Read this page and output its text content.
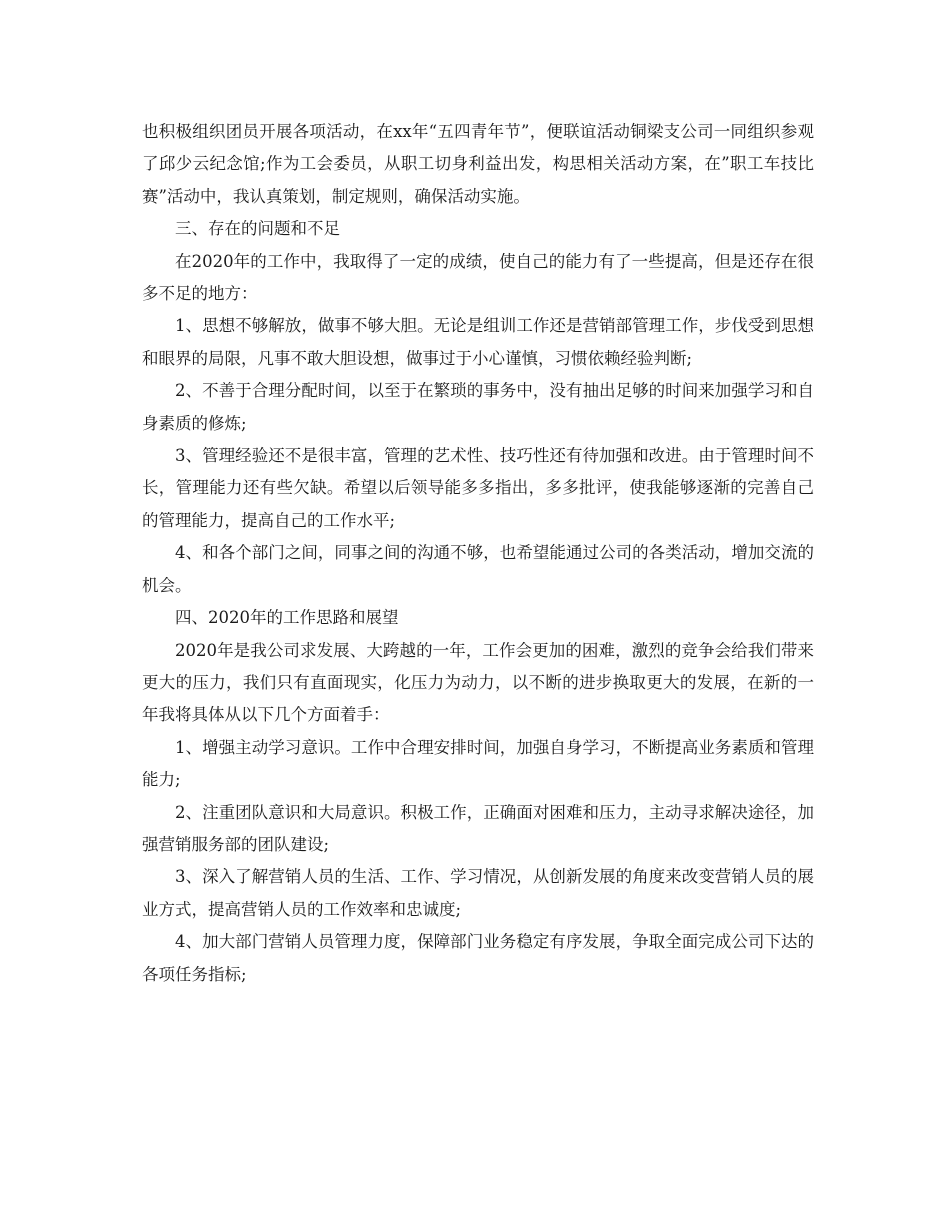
也积极组织团员开展各项活动，在xx年“五四青年节”，便联谊活动铜梁支公司一同组织参观了邱少云纪念馆;作为工会委员，从职工切身利益出发，构思相关活动方案，在”职工车技比赛”活动中，我认真策划，制定规则，确保活动实施。

三、存在的问题和不足

在2020年的工作中，我取得了一定的成绩，使自己的能力有了一些提高，但是还存在很多不足的地方：

1、思想不够解放，做事不够大胆。无论是组训工作还是营销部管理工作，步伐受到思想和眼界的局限，凡事不敢大胆设想，做事过于小心谨慎，习惯依赖经验判断;

2、不善于合理分配时间，以至于在繁琐的事务中，没有抽出足够的时间来加强学习和自身素质的修炼;

3、管理经验还不是很丰富，管理的艺术性、技巧性还有待加强和改进。由于管理时间不长，管理能力还有些欠缺。希望以后领导能多多指出，多多批评，使我能够逐渐的完善自己的管理能力，提高自己的工作水平;

4、和各个部门之间，同事之间的沟通不够，也希望能通过公司的各类活动，增加交流的机会。

四、2020年的工作思路和展望

2020年是我公司求发展、大跨越的一年，工作会更加的困难，激烈的竞争会给我们带来更大的压力，我们只有直面现实，化压力为动力，以不断的进步换取更大的发展，在新的一年我将具体从以下几个方面着手：

1、增强主动学习意识。工作中合理安排时间，加强自身学习，不断提高业务素质和管理能力;

2、注重团队意识和大局意识。积极工作，正确面对困难和压力，主动寻求解决途径，加强营销服务部的团队建设;

3、深入了解营销人员的生活、工作、学习情况，从创新发展的角度来改变营销人员的展业方式，提高营销人员的工作效率和忠诚度;

4、加大部门营销人员管理力度，保障部门业务稳定有序发展，争取全面完成公司下达的各项任务指标;
